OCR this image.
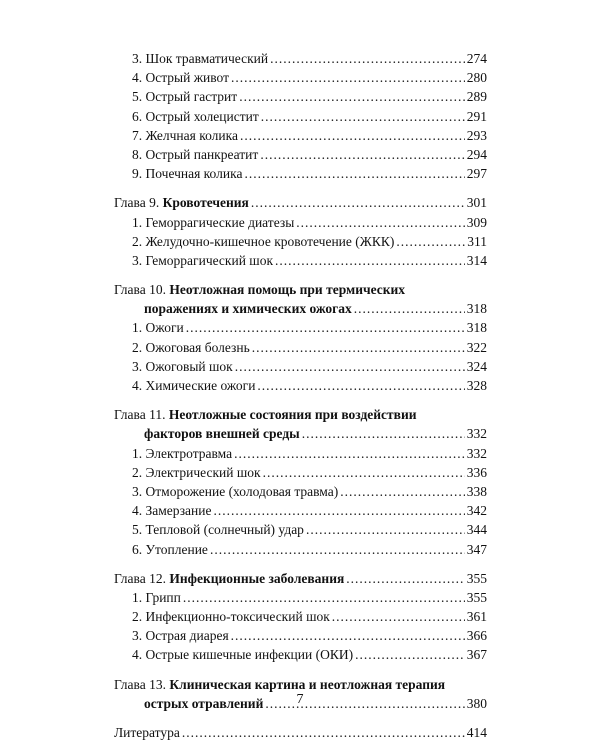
3. Шок травматический .....	274
4. Острый живот .....	280
5. Острый гастрит .....	289
6. Острый холецистит .....	291
7. Желчная колика .....	293
8. Острый панкреатит .....	294
9. Почечная колика .....	297
Глава 9. Кровотечения .....	301
1. Геморрагические диатезы .....	309
2. Желудочно-кишечное кровотечение (ЖКК) .....	311
3. Геморрагический шок .....	314
Глава 10. Неотложная помощь при термических
поражениях и химических ожогах .....	318
1. Ожоги .....	318
2. Ожоговая болезнь .....	322
3. Ожоговый шок .....	324
4. Химические ожоги .....	328
Глава 11. Неотложные состояния при воздействии
факторов внешней среды .....	332
1. Электротравма .....	332
2. Электрический шок .....	336
3. Отморожение (холодовая травма) .....	338
4. Замерзание .....	342
5. Тепловой (солнечный) удар .....	344
6. Утопление .....	347
Глава 12. Инфекционные заболевания .....	355
1. Грипп .....	355
2. Инфекционно-токсический шок .....	361
3. Острая диарея .....	366
4. Острые кишечные инфекции (ОКИ) .....	367
Глава 13. Клиническая картина и неотложная терапия
острых отравлений .....	380
Литература .....	414
7
